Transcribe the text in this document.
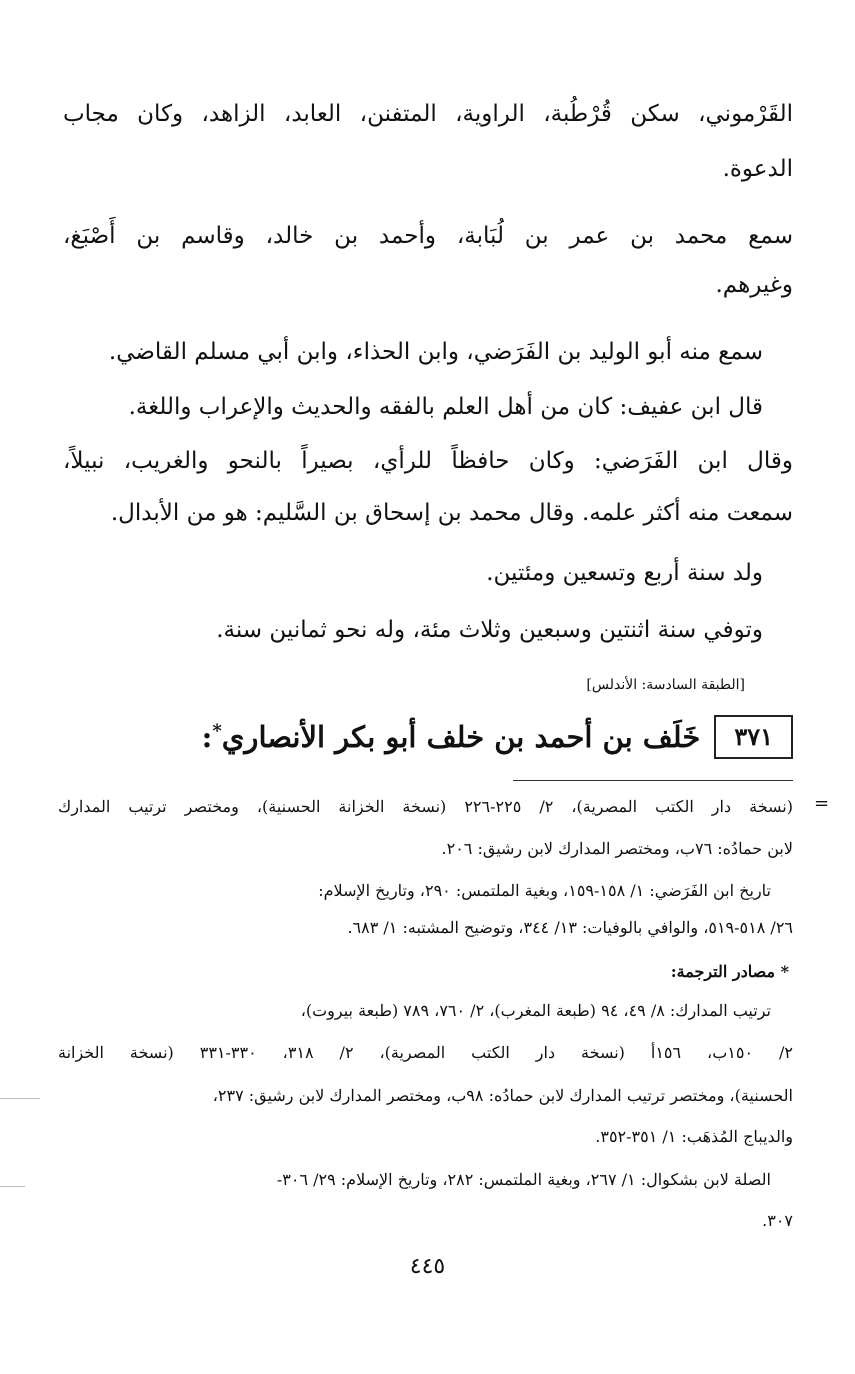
القَرْموني، سكن قُرْطُبة، الراوية، المتفنن، العابد، الزاهد، وكان مجاب
الدعوة.
سمع محمد بن عمر بن لُبَابة، وأحمد بن خالد، وقاسم بن أَصْبَغ،
وغيرهم.
سمع منه أبو الوليد بن الفَرَضي، وابن الحذاء، وابن أبي مسلم القاضي.
قال ابن عفيف: كان من أهل العلم بالفقه والحديث والإعراب واللغة.
وقال ابن الفَرَضي: وكان حافظاً للرأي، بصيراً بالنحو والغريب، نبيلاً،
سمعت منه أكثر علمه. وقال محمد بن إسحاق بن السَّليم: هو من الأبدال.
ولد سنة أربع وتسعين ومئتين.
وتوفي سنة اثنتين وسبعين وثلاث مئة، وله نحو ثمانين سنة.
[الطبقة السادسة: الأندلس]
٣٧١
خَلَف بن أحمد بن خلف أبو بكر الأنصاري*:
=
(نسخة دار الكتب المصرية)، ٢/ ٢٢٥-٢٢٦ (نسخة الخزانة الحسنية)، ومختصر ترتيب المدارك
لابن حمادُه: ٧٦ب، ومختصر المدارك لابن رشيق: ٢٠٦.
تاريخ ابن الفَرَضي: ١/ ١٥٨-١٥٩، وبغية الملتمس: ٢٩٠، وتاريخ الإسلام:
٢٦/ ٥١٨-٥١٩، والوافي بالوفيات: ١٣/ ٣٤٤، وتوضيح المشتبه: ١/ ٦٨٣.
* مصادر الترجمة:
ترتيب المدارك: ٨/ ٤٩، ٩٤ (طبعة المغرب)، ٢/ ٧٦٠، ٧٨٩ (طبعة بيروت)،
٢/ ١٥٠ب، ١٥٦أ (نسخة دار الكتب المصرية)، ٢/ ٣١٨، ٣٣٠-٣٣١ (نسخة الخزانة
الحسنية)، ومختصر ترتيب المدارك لابن حمادُه: ٩٨ب، ومختصر المدارك لابن رشيق: ٢٣٧،
والديباج المُذهَب: ١/ ٣٥١-٣٥٢.
الصلة لابن بشكوال: ١/ ٢٦٧، وبغية الملتمس: ٢٨٢، وتاريخ الإسلام: ٢٩/ ٣٠٦-
٣٠٧.
٤٤٥
